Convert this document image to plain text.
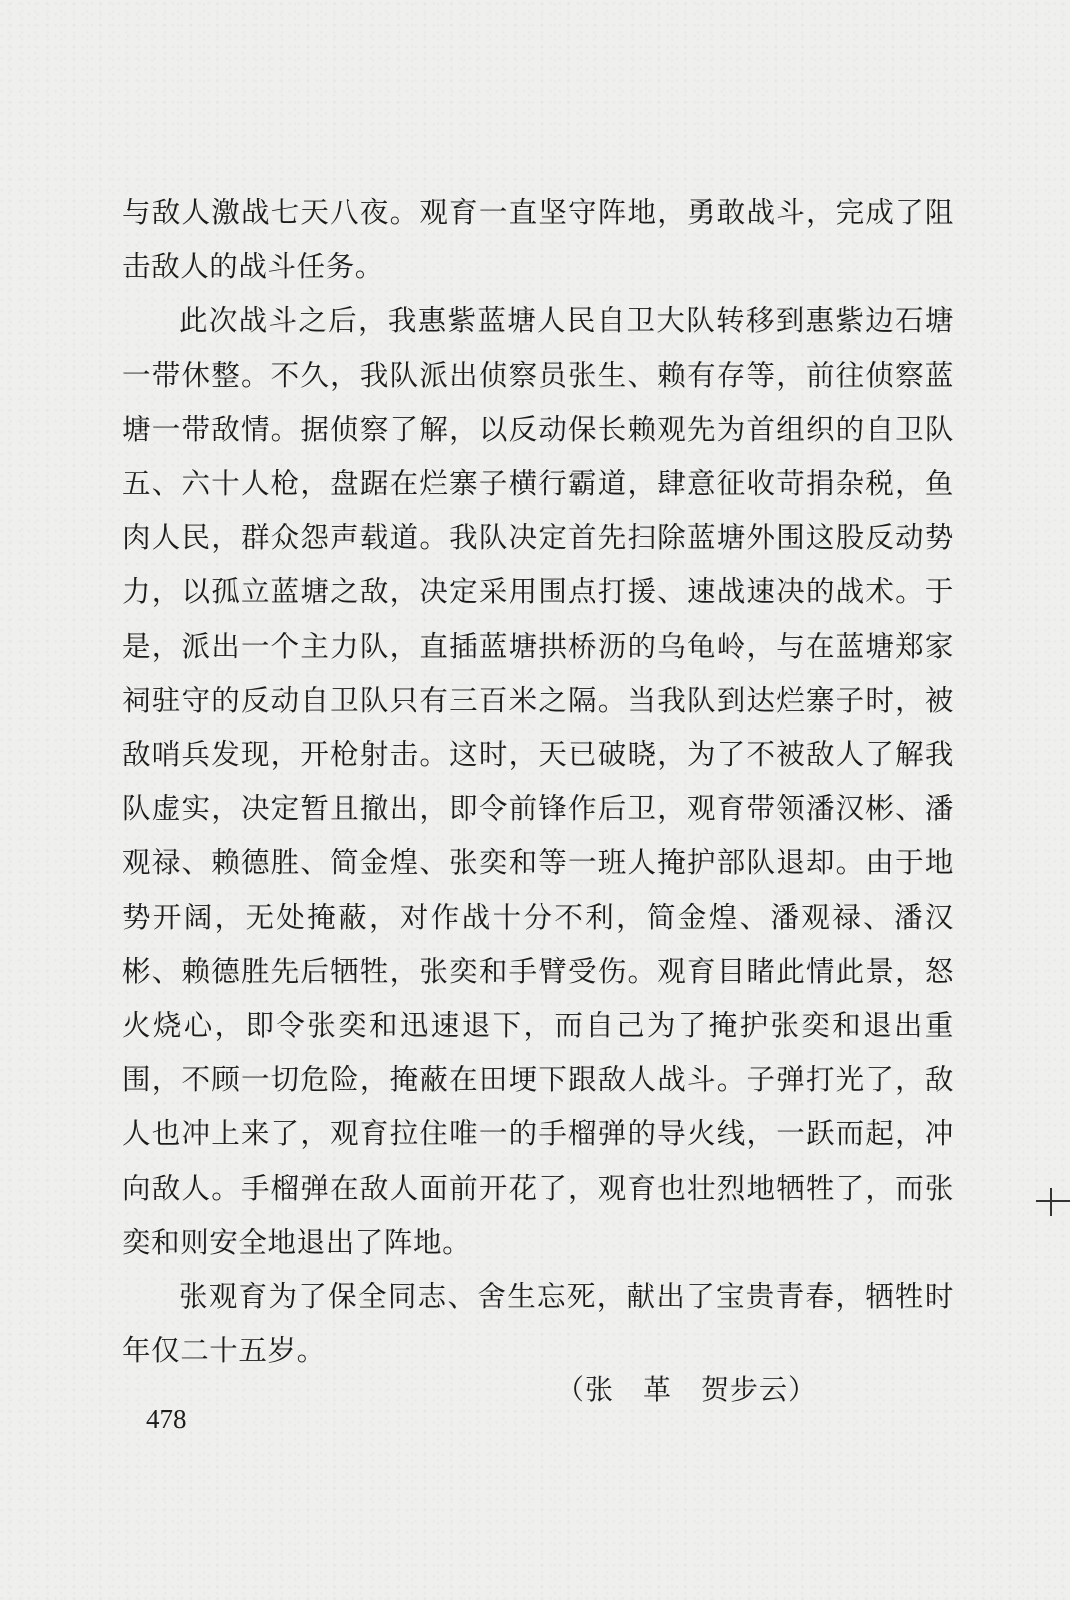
与敌人激战七天八夜。观育一直坚守阵地，勇敢战斗，完成了阻击敌人的战斗任务。

此次战斗之后，我惠紫蓝塘人民自卫大队转移到惠紫边石塘一带休整。不久，我队派出侦察员张生、赖有存等，前往侦察蓝塘一带敌情。据侦察了解，以反动保长赖观先为首组织的自卫队五、六十人枪，盘踞在烂寨子横行霸道，肆意征收苛捐杂税，鱼肉人民，群众怨声载道。我队决定首先扫除蓝塘外围这股反动势力，以孤立蓝塘之敌，决定采用围点打援、速战速决的战术。于是，派出一个主力队，直插蓝塘拱桥沥的乌龟岭，与在蓝塘郑家祠驻守的反动自卫队只有三百米之隔。当我队到达烂寨子时，被敌哨兵发现，开枪射击。这时，天已破晓，为了不被敌人了解我队虚实，决定暂且撤出，即令前锋作后卫，观育带领潘汉彬、潘观禄、赖德胜、简金煌、张奕和等一班人掩护部队退却。由于地势开阔，无处掩蔽，对作战十分不利，简金煌、潘观禄、潘汉彬、赖德胜先后牺牲，张奕和手臂受伤。观育目睹此情此景，怒火烧心，即令张奕和迅速退下，而自己为了掩护张奕和退出重围，不顾一切危险，掩蔽在田埂下跟敌人战斗。子弹打光了，敌人也冲上来了，观育拉住唯一的手榴弹的导火线，一跃而起，冲向敌人。手榴弹在敌人面前开花了，观育也壮烈地牺牲了，而张奕和则安全地退出了阵地。

张观育为了保全同志、舍生忘死，献出了宝贵青春，牺牲时年仅二十五岁。

（张　革　贺步云）
478
